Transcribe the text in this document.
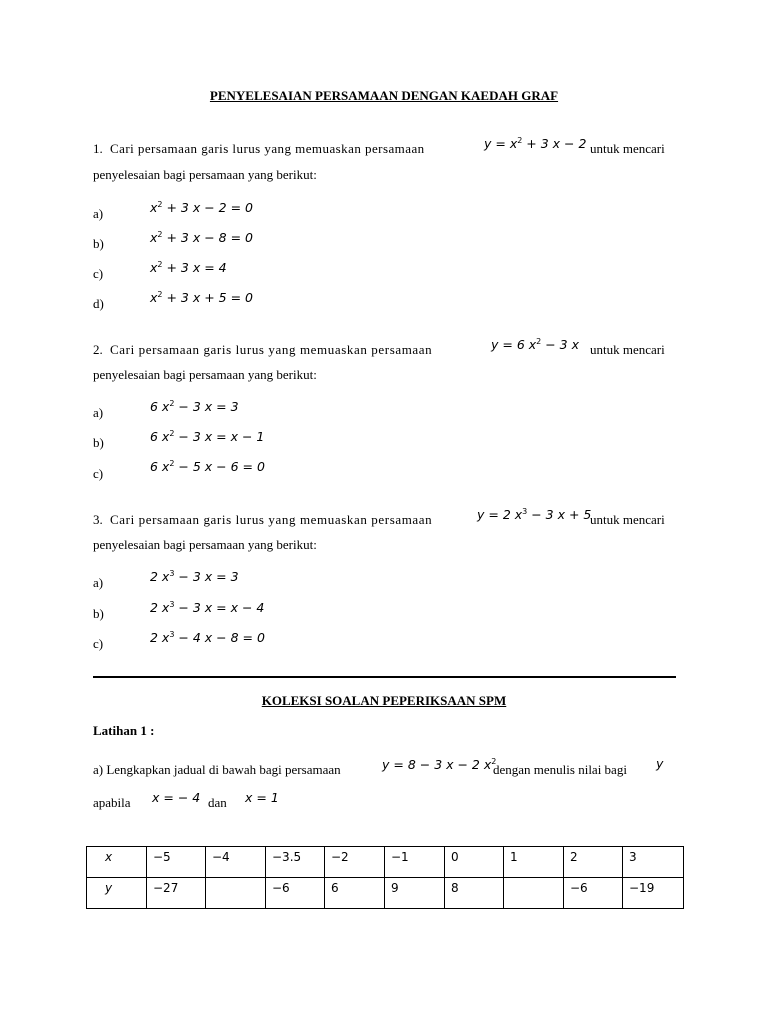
PENYELESAIAN PERSAMAAN DENGAN KAEDAH GRAF
1. Cari persamaan garis lurus yang memuaskan persamaan	$y = x^2 + 3$ x − 2 untuk mencari
penyelesaian bagi persamaan yang berikut:
a)	$x^2 + 3$ x − 2 = 0
b)	$x^2 + 3$ x − 8 = 0
c)	$x^2 + 3$ x = 4
d)	$x^2 + 3$ x + 5 = 0
2. Cari persamaan garis lurus yang memuaskan persamaan	y = 6 $x^2 - 3$ x untuk mencari
penyelesaian bagi persamaan yang berikut:
a)	6 $x^2 - 3$ x = 3
b)	6 $x^2 - 3$ x = x − 1
c)	6 $x^2 - 5$ x − 6 = 0
3. Cari persamaan garis lurus yang memuaskan persamaan	y = 2 $x^3 - 3$ x + 5
untuk mencari
penyelesaian bagi persamaan yang berikut:
a)	2 $x^3 - 3$ x = 3
b)	2 $x^3 - 3$ x = x − 4
c)	2 $x^3 - 4$ x − 8 = 0
KOLEKSI SOALAN PEPERIKSAAN SPM
Latihan 1 :
a) Lengkapkan jadual di bawah bagi persamaan	y = 8 − 3 x − 2 $x^2$
dengan menulis nilai bagi y
apabila x = − 4 dan x = 1
x	−5	−4	−3.5	−2	−1	0	1	2	3
y	−27		−6	6	9	8		−6	−19
